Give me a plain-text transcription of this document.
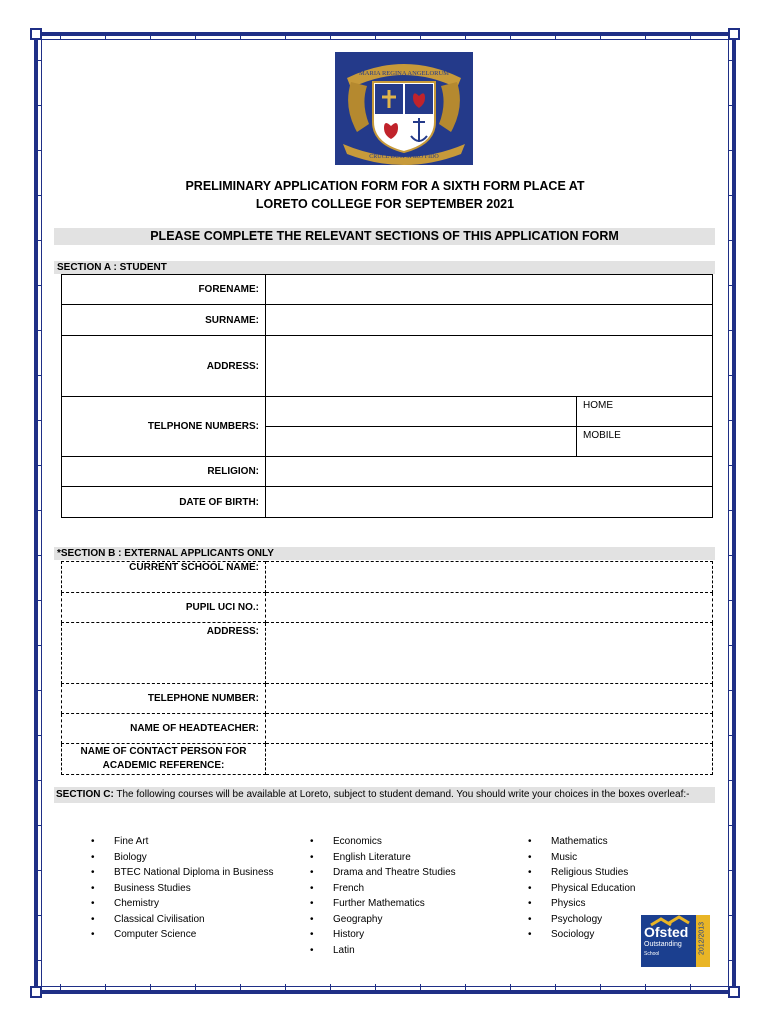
MARIA REGINA ANGELORUM
CRUCE DUM SPIRO FIDO
PRELIMINARY APPLICATION FORM FOR A SIXTH FORM PLACE AT
LORETO COLLEGE FOR SEPTEMBER 2021
PLEASE COMPLETE THE RELEVANT SECTIONS OF THIS APPLICATION FORM
SECTION A : STUDENT
FORENAME:		
SURNAME:		
ADDRESS:		
TELPHONE NUMBERS:		HOME
		MOBILE
RELIGION:		
DATE OF BIRTH:		
*SECTION B : EXTERNAL APPLICANTS ONLY
CURRENT SCHOOL NAME:	
PUPIL UCI NO.:	
ADDRESS:	
TELEPHONE NUMBER:	
NAME OF HEADTEACHER:	
NAME OF CONTACT PERSON FOR
ACADEMIC REFERENCE:	
SECTION C: The following courses will be available at Loreto, subject to student demand. You should write your choices in the boxes overleaf:-
• Fine Art
• Biology
• BTEC National Diploma in Business
• Business Studies
• Chemistry
• Classical Civilisation
• Computer Science
• Economics
• English Literature
• Drama and Theatre Studies
• French
• Further Mathematics
• Geography
• History
• Latin
• Mathematics
• Music
• Religious Studies
• Physical Education
• Physics
• Psychology
• Sociology	Ofsted
Outstanding
School	2012/2013
